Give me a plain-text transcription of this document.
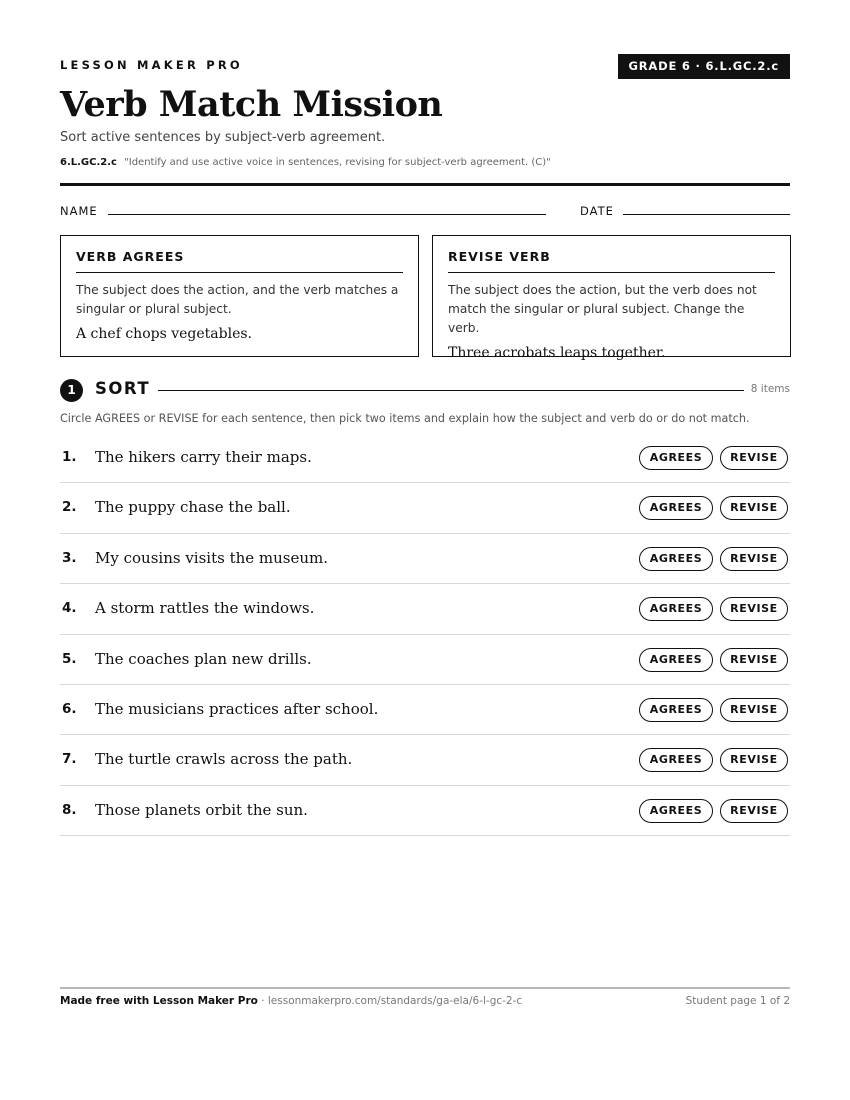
LESSON MAKER PRO	GRADE 6 · 6.L.GC.2.c
Verb Match Mission
Sort active sentences by subject-verb agreement.
6.L.GC.2.c "Identify and use active voice in sentences, revising for subject-verb agreement. (C)"
NAME	DATE
VERB AGREES
The subject does the action, and the verb matches a singular or plural subject.
A chef chops vegetables.
REVISE VERB
The subject does the action, but the verb does not match the singular or plural subject. Change the verb.
Three acrobats leaps together.
1	SORT	8 items
Circle AGREES or REVISE for each sentence, then pick two items and explain how the subject and verb do or do not match.
1. The hikers carry their maps.	AGREES	REVISE
2. The puppy chase the ball.	AGREES	REVISE
3. My cousins visits the museum.	AGREES	REVISE
4. A storm rattles the windows.	AGREES	REVISE
5. The coaches plan new drills.	AGREES	REVISE
6. The musicians practices after school.	AGREES	REVISE
7. The turtle crawls across the path.	AGREES	REVISE
8. Those planets orbit the sun.	AGREES	REVISE
Made free with Lesson Maker Pro · lessonmakerpro.com/standards/ga-ela/6-l-gc-2-c	Student page 1 of 2
